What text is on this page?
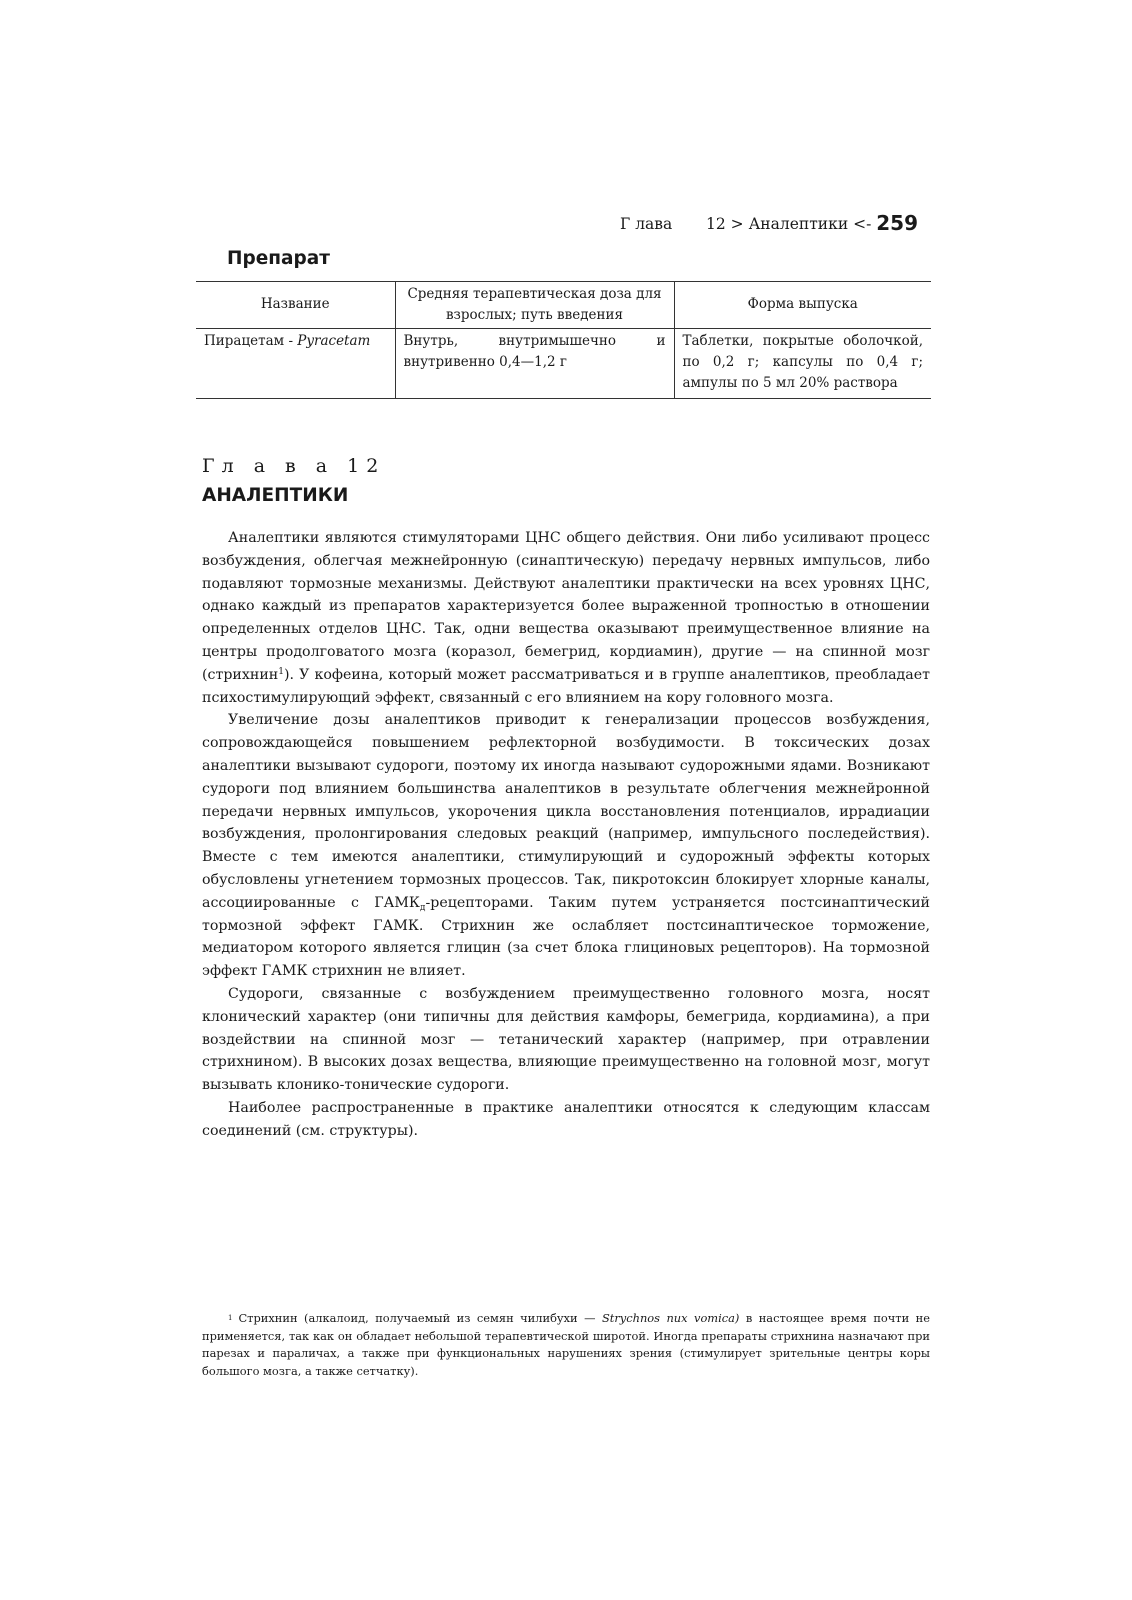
Г лава 12 > Аналептики <- 259
Препарат
Название	Средняя терапевтическая доза для взрослых; путь введения	Форма выпуска
Пирацетам - Pyracetam	Внутрь, внутримышечно и внутривенно 0,4—1,2 г	Таблетки, покрытые оболочкой, по 0,2 г; капсулы по 0,4 г; ампулы по 5 мл 20% раствора
Гл а в а 12
АНАЛЕПТИКИ

Аналептики являются стимуляторами ЦНС общего действия. Они либо усиливают процесс возбуждения, облегчая межнейронную (синаптическую) передачу нервных импульсов, либо подавляют тормозные механизмы. Действуют аналептики практически на всех уровнях ЦНС, однако каждый из препаратов характеризуется более выраженной тропностью в отношении определенных отделов ЦНС. Так, одни вещества оказывают преимущественное влияние на центры продолговатого мозга (коразол, бемегрид, кордиамин), другие — на спинной мозг (стрихнин$^1$). У кофеина, который может рассматриваться и в группе аналептиков, преобладает психостимулирующий эффект, связанный с его влиянием на кору головного мозга.

Увеличение дозы аналептиков приводит к генерализации процессов возбуждения, сопровождающейся повышением рефлекторной возбудимости. В токсических дозах аналептики вызывают судороги, поэтому их иногда называют судорожными ядами. Возникают судороги под влиянием большинства аналептиков в результате облегчения межнейронной передачи нервных импульсов, укорочения цикла восстановления потенциалов, иррадиации возбуждения, пролонгирования следовых реакций (например, импульсного последействия). Вместе с тем имеются аналептики, стимулирующий и судорожный эффекты которых обусловлены угнетением тормозных процессов. Так, пикротоксин блокирует хлорные каналы, ассоциированные с $ГАМК_д$-рецепторами. Таким путем устраняется постсинаптический тормозной эффект ГАМК. Стрихнин же ослабляет постсинаптическое торможение, медиатором которого является глицин (за счет блока глициновых рецепторов). На тормозной эффект ГАМК стрихнин не влияет.

Судороги, связанные с возбуждением преимущественно головного мозга, носят клонический характер (они типичны для действия камфоры, бемегрида, кордиамина), а при воздействии на спинной мозг — тетанический характер (например, при отравлении стрихнином). В высоких дозах вещества, влияющие преимущественно на головной мозг, могут вызывать клонико-тонические судороги.

Наиболее распространенные в практике аналептики относятся к следующим классам соединений (см. структуры).

1 Стрихнин (алкалоид, получаемый из семян чилибухи — Strychnos nux vomica) в настоящее время почти не применяется, так как он обладает небольшой терапевтической широтой. Иногда препараты стрихнина назначают при парезах и параличах, а также при функциональных нарушениях зрения (стимулирует зрительные центры коры большого мозга, а также сетчатку).
